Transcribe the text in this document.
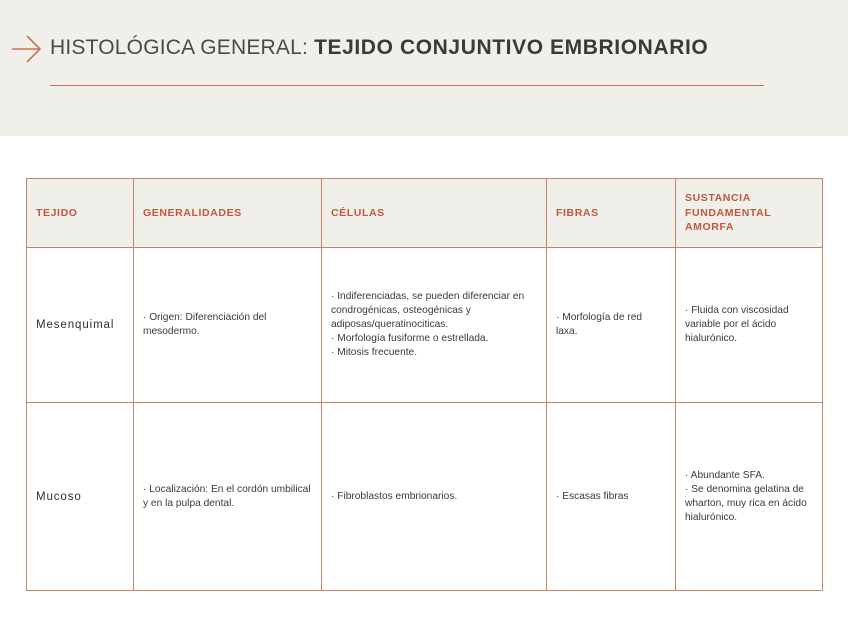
HISTOLÓGICA GENERAL: TEJIDO CONJUNTIVO EMBRIONARIO
TEJIDO	GENERALIDADES	CÉLULAS	FIBRAS	SUSTANCIA FUNDAMENTAL AMORFA
Mesenquimal	· Origen: Diferenciación del mesodermo.	· Indiferenciadas, se pueden diferenciar en condrogénicas, osteogénicas y adiposas/queratinociticas.
· Morfología fusiforme o estrellada.
· Mitosis frecuente.	· Morfología de red laxa.	· Fluida con viscosidad variable por el ácido hialurónico.

Mucoso	· Localización: En el cordón umbilical y en la pulpa dental.	· Fibroblastos embrionarios.	· Escasas fibras	· Abundante SFA.
· Se denomina gelatina de wharton, muy rica en ácido hialurónico.
